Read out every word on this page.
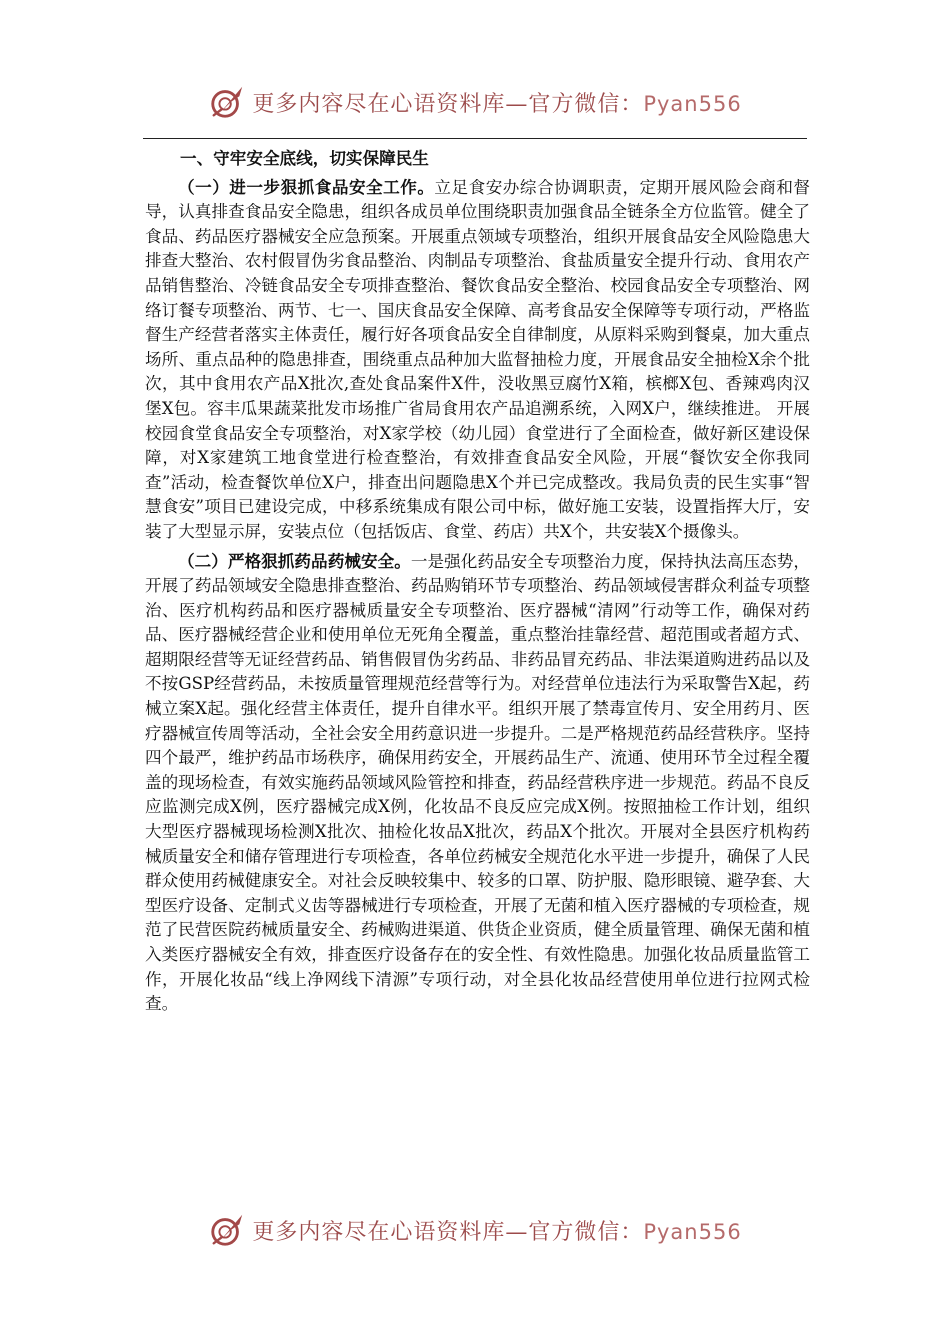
更多内容尽在心语资料库—官方微信：Pyan556

一、守牢安全底线，切实保障民生

（一）进一步狠抓食品安全工作。立足食安办综合协调职责，定期开展风险会商和督导，认真排查食品安全隐患，组织各成员单位围绕职责加强食品全链条全方位监管。健全了食品、药品医疗器械安全应急预案。开展重点领域专项整治，组织开展食品安全风险隐患大排查大整治、农村假冒伪劣食品整治、肉制品专项整治、食盐质量安全提升行动、食用农产品销售整治、冷链食品安全专项排查整治、餐饮食品安全整治、校园食品安全专项整治、网络订餐专项整治、两节、七一、国庆食品安全保障、高考食品安全保障等专项行动，严格监督生产经营者落实主体责任，履行好各项食品安全自律制度，从原料采购到餐桌，加大重点场所、重点品种的隐患排查，围绕重点品种加大监督抽检力度，开展食品安全抽检X余个批次，其中食用农产品X批次,查处食品案件X件，没收黑豆腐竹X箱，槟榔X包、香辣鸡肉汉堡X包。容丰瓜果蔬菜批发市场推广省局食用农产品追溯系统，入网X户，继续推进。 开展校园食堂食品安全专项整治，对X家学校（幼儿园）食堂进行了全面检查，做好新区建设保障，对X家建筑工地食堂进行检查整治，有效排查食品安全风险，开展“餐饮安全你我同查”活动，检查餐饮单位X户，排查出问题隐患X个并已完成整改。我局负责的民生实事“智慧食安”项目已建设完成，中移系统集成有限公司中标，做好施工安装，设置指挥大厅，安装了大型显示屏，安装点位（包括饭店、食堂、药店）共X个，共安装X个摄像头。

（二）严格狠抓药品药械安全。一是强化药品安全专项整治力度，保持执法高压态势，开展了药品领域安全隐患排查整治、药品购销环节专项整治、药品领域侵害群众利益专项整治、医疗机构药品和医疗器械质量安全专项整治、医疗器械“清网”行动等工作，确保对药品、医疗器械经营企业和使用单位无死角全覆盖，重点整治挂靠经营、超范围或者超方式、超期限经营等无证经营药品、销售假冒伪劣药品、非药品冒充药品、非法渠道购进药品以及不按GSP经营药品，未按质量管理规范经营等行为。对经营单位违法行为采取警告X起，药械立案X起。强化经营主体责任，提升自律水平。组织开展了禁毒宣传月、安全用药月、医疗器械宣传周等活动，全社会安全用药意识进一步提升。二是严格规范药品经营秩序。坚持四个最严，维护药品市场秩序，确保用药安全，开展药品生产、流通、使用环节全过程全覆盖的现场检查，有效实施药品领域风险管控和排查，药品经营秩序进一步规范。药品不良反应监测完成X例，医疗器械完成X例，化妆品不良反应完成X例。按照抽检工作计划，组织大型医疗器械现场检测X批次、抽检化妆品X批次，药品X个批次。开展对全县医疗机构药械质量安全和储存管理进行专项检查，各单位药械安全规范化水平进一步提升，确保了人民群众使用药械健康安全。对社会反映较集中、较多的口罩、防护服、隐形眼镜、避孕套、大型医疗设备、定制式义齿等器械进行专项检查，开展了无菌和植入医疗器械的专项检查，规范了民营医院药械质量安全、药械购进渠道、供货企业资质，健全质量管理、确保无菌和植入类医疗器械安全有效，排查医疗设备存在的安全性、有效性隐患。加强化妆品质量监管工作，开展化妆品“线上净网线下清源”专项行动，对全县化妆品经营使用单位进行拉网式检查。

更多内容尽在心语资料库—官方微信：Pyan556
